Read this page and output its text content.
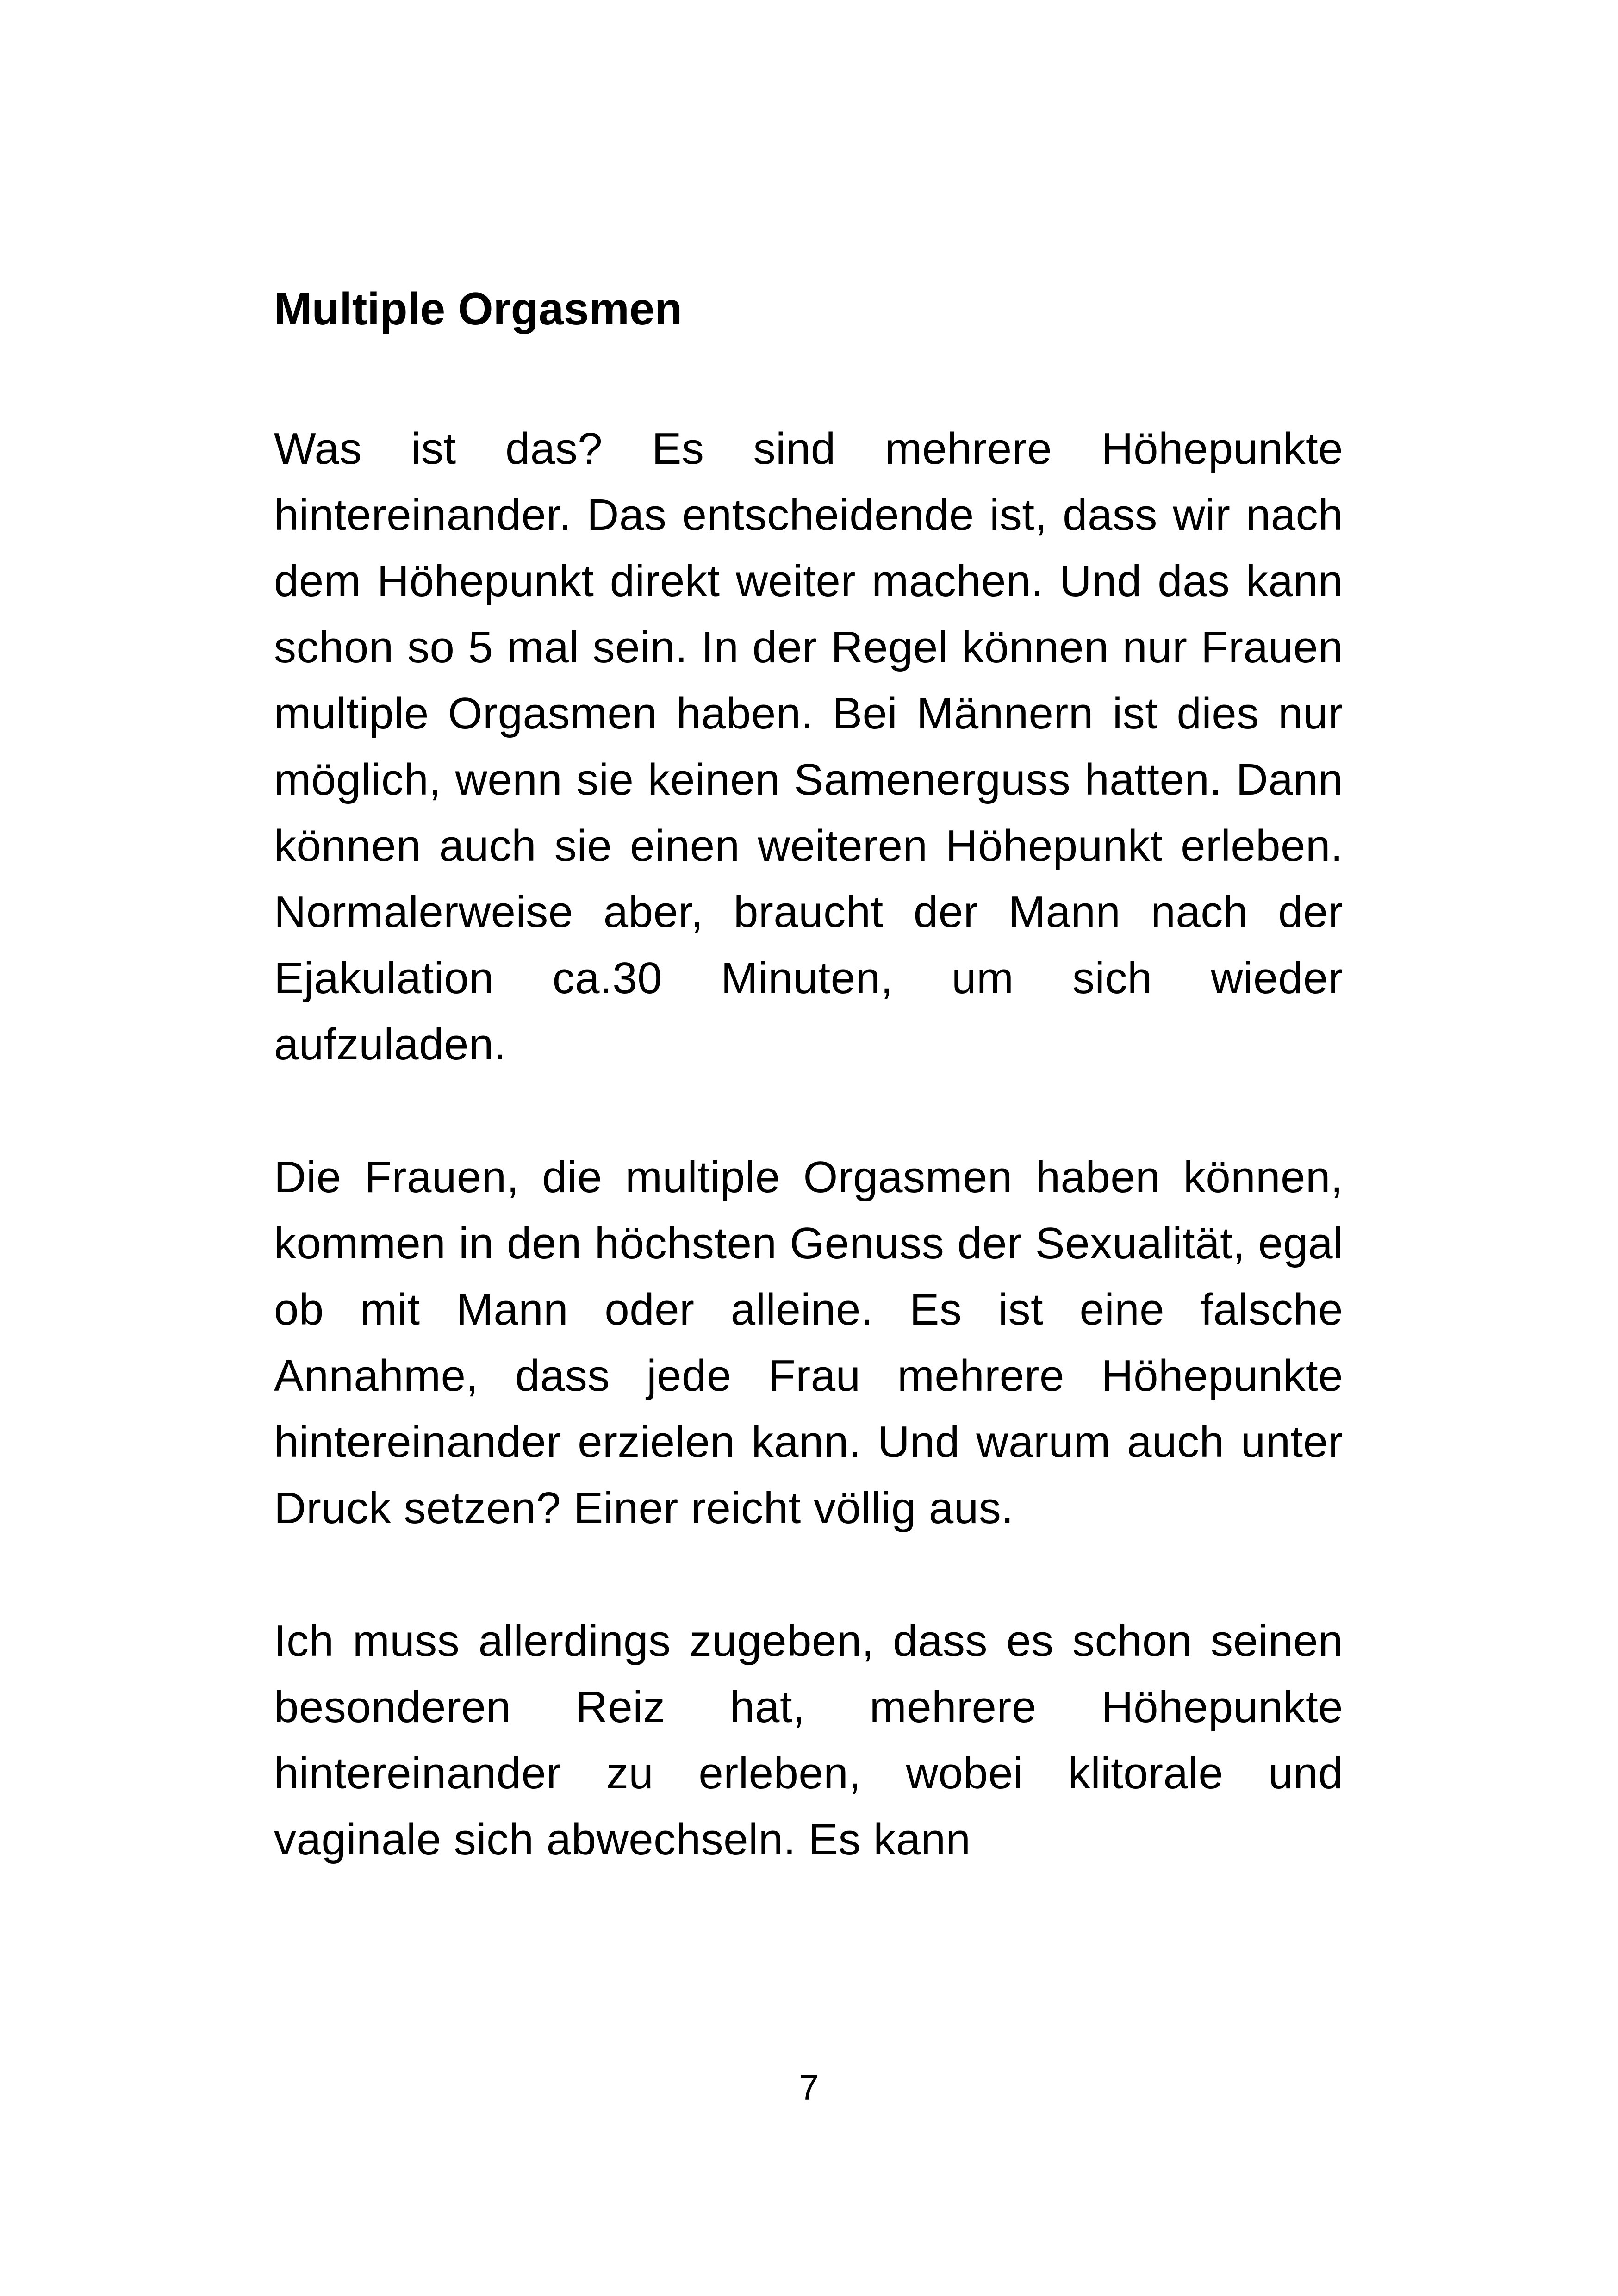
Multiple Orgasmen

Was ist das? Es sind mehrere Höhepunkte hintereinander. Das entscheidende ist, dass wir nach dem Höhepunkt direkt weiter machen. Und das kann schon so 5 mal sein. In der Regel können nur Frauen multiple Orgasmen haben. Bei Männern ist dies nur möglich, wenn sie keinen Samenerguss hatten. Dann können auch sie einen weiteren Höhepunkt erleben. Normalerweise aber, braucht der Mann nach der Ejakulation ca.30 Minuten, um sich wieder aufzuladen.

Die Frauen, die multiple Orgasmen haben können, kommen in den höchsten Genuss der Sexualität, egal ob mit Mann oder alleine. Es ist eine falsche Annahme, dass jede Frau mehrere Höhepunkte hintereinander erzielen kann. Und warum auch unter Druck setzen? Einer reicht völlig aus.

Ich muss allerdings zugeben, dass es schon seinen besonderen Reiz hat, mehrere Höhepunkte hintereinander zu erleben, wobei klitorale und vaginale sich abwechseln. Es kann

7
